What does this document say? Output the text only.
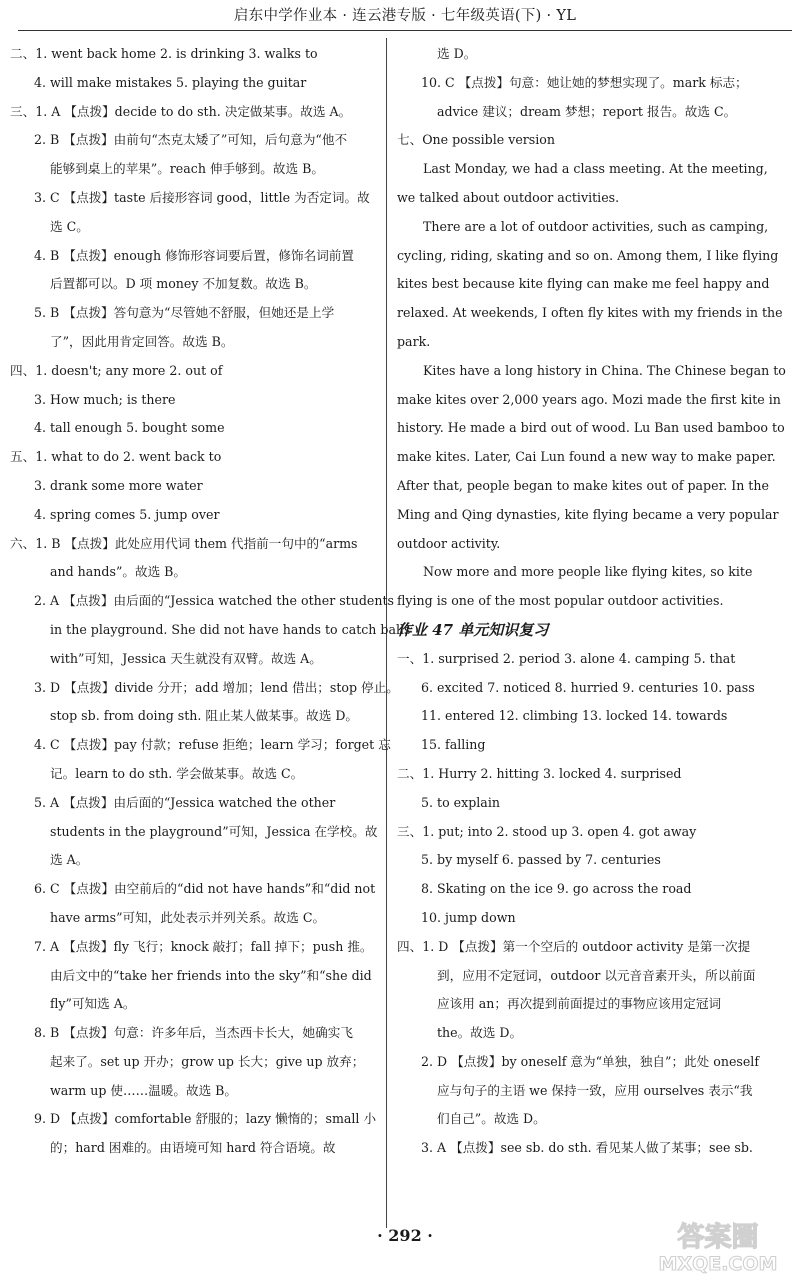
启东中学作业本 · 连云港专版 · 七年级英语(下) · YL
二、1. went back home 2. is drinking 3. walks to
4. will make mistakes 5. playing the guitar
三、1. A 【点拨】decide to do sth. 决定做某事。故选 A。
2. B 【点拨】由前句“杰克太矮了”可知，后句意为“他不
能够到桌上的苹果”。reach 伸手够到。故选 B。
3. C 【点拨】taste 后接形容词 good，little 为否定词。故
选 C。
4. B 【点拨】enough 修饰形容词要后置，修饰名词前置
后置都可以。D 项 money 不加复数。故选 B。
5. B 【点拨】答句意为“尽管她不舒服，但她还是上学
了”，因此用肯定回答。故选 B。
四、1. doesn't; any more 2. out of
3. How much; is there
4. tall enough 5. bought some
五、1. what to do 2. went back to
3. drank some more water
4. spring comes 5. jump over
六、1. B 【点拨】此处应用代词 them 代指前一句中的“arms
and hands”。故选 B。
2. A 【点拨】由后面的“Jessica watched the other students
in the playground. She did not have hands to catch balls
with”可知，Jessica 天生就没有双臂。故选 A。
3. D 【点拨】divide 分开；add 增加；lend 借出；stop 停止。
stop sb. from doing sth. 阻止某人做某事。故选 D。
4. C 【点拨】pay 付款；refuse 拒绝；learn 学习；forget 忘
记。learn to do sth. 学会做某事。故选 C。
5. A 【点拨】由后面的“Jessica watched the other
students in the playground”可知，Jessica 在学校。故
选 A。
6. C 【点拨】由空前后的“did not have hands”和“did not
have arms”可知，此处表示并列关系。故选 C。
7. A 【点拨】fly 飞行；knock 敲打；fall 掉下；push 推。
由后文中的“take her friends into the sky”和“she did
fly”可知选 A。
8. B 【点拨】句意：许多年后，当杰西卡长大，她确实飞
起来了。set up 开办；grow up 长大；give up 放弃；
warm up 使……温暖。故选 B。
9. D 【点拨】comfortable 舒服的；lazy 懒惰的；small 小
的；hard 困难的。由语境可知 hard 符合语境。故
选 D。
10. C 【点拨】句意：她让她的梦想实现了。mark 标志；
advice 建议；dream 梦想；report 报告。故选 C。
七、One possible version
Last Monday, we had a class meeting. At the meeting,
we talked about outdoor activities.
There are a lot of outdoor activities, such as camping,
cycling, riding, skating and so on. Among them, I like flying
kites best because kite flying can make me feel happy and
relaxed. At weekends, I often fly kites with my friends in the
park.
Kites have a long history in China. The Chinese began to
make kites over 2,000 years ago. Mozi made the first kite in
history. He made a bird out of wood. Lu Ban used bamboo to
make kites. Later, Cai Lun found a new way to make paper.
After that, people began to make kites out of paper. In the
Ming and Qing dynasties, kite flying became a very popular
outdoor activity.
Now more and more people like flying kites, so kite
flying is one of the most popular outdoor activities.
作业 47 单元知识复习
一、1. surprised 2. period 3. alone 4. camping 5. that
6. excited 7. noticed 8. hurried 9. centuries 10. pass
11. entered 12. climbing 13. locked 14. towards
15. falling
二、1. Hurry 2. hitting 3. locked 4. surprised
5. to explain
三、1. put; into 2. stood up 3. open 4. got away
5. by myself 6. passed by 7. centuries
8. Skating on the ice 9. go across the road
10. jump down
四、1. D 【点拨】第一个空后的 outdoor activity 是第一次提
到，应用不定冠词，outdoor 以元音音素开头，所以前面
应该用 an；再次提到前面提过的事物应该用定冠词
the。故选 D。
2. D 【点拨】by oneself 意为“单独，独自”；此处 oneself
应与句子的主语 we 保持一致，应用 ourselves 表示“我
们自己”。故选 D。
3. A 【点拨】see sb. do sth. 看见某人做了某事；see sb.
· 292 ·	答案圈
MXQE.COM
